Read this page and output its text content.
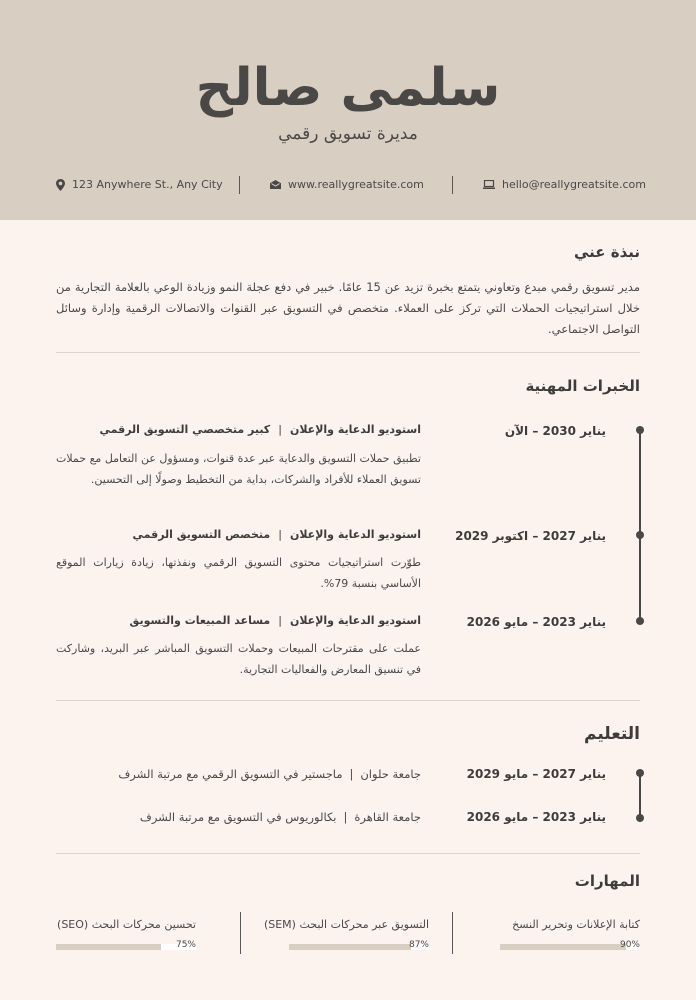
سلمى صالح
مديرة تسويق رقمي
123 Anywhere St., Any City	www.reallygreatsite.com	hello@reallygreatsite.com
نبذة عني
مدير تسويق رقمي مبدع وتعاوني يتمتع بخبرة تزيد عن 15 عامًا. خبير في دفع عجلة النمو وزيادة الوعي بالعلامة التجارية من خلال استراتيجيات الحملات التي تركز على العملاء. متخصص في التسويق عبر القنوات والاتصالات الرقمية وإدارة وسائل التواصل الاجتماعي.
الخبرات المهنية
يناير 2030 – الآن
استوديو الدعاية والإعلان|كبير متخصصي التسويق الرقمي
تطبيق حملات التسويق والدعاية عبر عدة قنوات، ومسؤول عن التعامل مع حملات تسويق العملاء للأفراد والشركات، بداية من التخطيط وصولًا إلى التحسين.
يناير 2027 – اكتوبر 2029
استوديو الدعاية والإعلان|متخصص التسويق الرقمي
طوّرت استراتيجيات محتوى التسويق الرقمي ونفذتها، زيادة زيارات الموقع الأساسي بنسبة 79%.
يناير 2023 – مايو 2026
استوديو الدعاية والإعلان|مساعد المبيعات والتسويق
عملت على مقترحات المبيعات وحملات التسويق المباشر عبر البريد، وشاركت في تنسيق المعارض والفعاليات التجارية.
التعليم
يناير 2027 – مايو 2029
جامعة حلوان|ماجستير في التسويق الرقمي مع مرتبة الشرف
يناير 2023 – مايو 2026
جامعة القاهرة|بكالوريوس في التسويق مع مرتبة الشرف
المهارات
كتابة الإعلانات وتحرير النسخ
90%
التسويق عبر محركات البحث (SEM)
87%
تحسين محركات البحث (SEO)
75%
